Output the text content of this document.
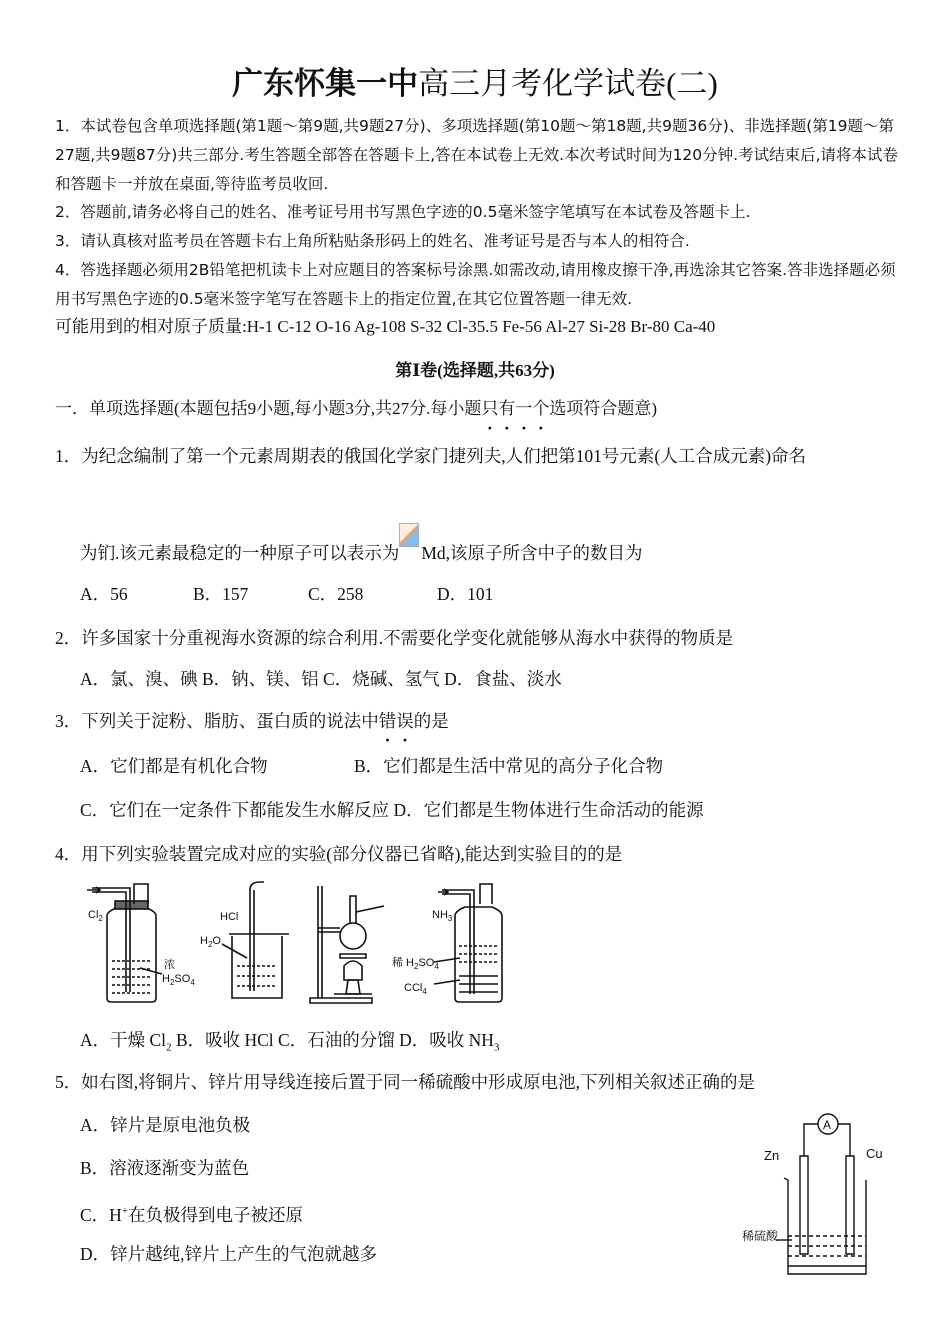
广东怀集一中高三月考化学试卷(二)
1．本试卷包含单项选择题(第1题～第9题,共9题27分)、多项选择题(第10题～第18题,共9题36分)、非选择题(第19题～第27题,共9题87分)共三部分.考生答题全部答在答题卡上,答在本试卷上无效.本次考试时间为120分钟.考试结束后,请将本试卷和答题卡一并放在桌面,等待监考员收回.
2．答题前,请务必将自己的姓名、准考证号用书写黑色字迹的0.5毫米签字笔填写在本试卷及答题卡上.
3．请认真核对监考员在答题卡右上角所粘贴条形码上的姓名、准考证号是否与本人的相符合.
4．答选择题必须用2B铅笔把机读卡上对应题目的答案标号涂黑.如需改动,请用橡皮擦干净,再选涂其它答案.答非选择题必须用书写黑色字迹的0.5毫米签字笔写在答题卡上的指定位置,在其它位置答题一律无效.
可能用到的相对原子质量:H-1 C-12 O-16 Ag-108 S-32 Cl-35.5 Fe-56 Al-27 Si-28 Br-80 Ca-40
第Ⅰ卷(选择题,共63分)
一．单项选择题(本题包括9小题,每小题3分,共27分.每小题只有一个选项符合题意)
1．为纪念编制了第一个元素周期表的俄国化学家门捷列夫,人们把第101号元素(人工合成元素)命名
为钔.该元素最稳定的一种原子可以表示为 Md,该原子所含中子的数目为
A．56	B．157	C．258	D．101
2．许多国家十分重视海水资源的综合利用.不需要化学变化就能够从海水中获得的物质是
A．氯、溴、碘 B．钠、镁、铝 C．烧碱、氢气 D．食盐、淡水
3．下列关于淀粉、脂肪、蛋白质的说法中错误的是
A．它们都是有机化合物	B．它们都是生活中常见的高分子化合物
C．它们在一定条件下都能发生水解反应 D．它们都是生物体进行生命活动的能源
4．用下列实验装置完成对应的实验(部分仪器已省略),能达到实验目的的是
$Cl_2$
浓
$H_2SO_4$
HCl
$H_2O$
$NH_3$
稀 $H_2SO_4$
CCl$_4$
A．干燥 $Cl_2$ B．吸收 HCl C．石油的分馏 D．吸收 $NH_3$
5．如右图,将铜片、锌片用导线连接后置于同一稀硫酸中形成原电池,下列相关叙述正确的是
A．锌片是原电池负极
B．溶液逐渐变为蓝色
C．H+在负极得到电子被还原
D．锌片越纯,锌片上产生的气泡就越多
A
Zn	Cu
稀硫酸
